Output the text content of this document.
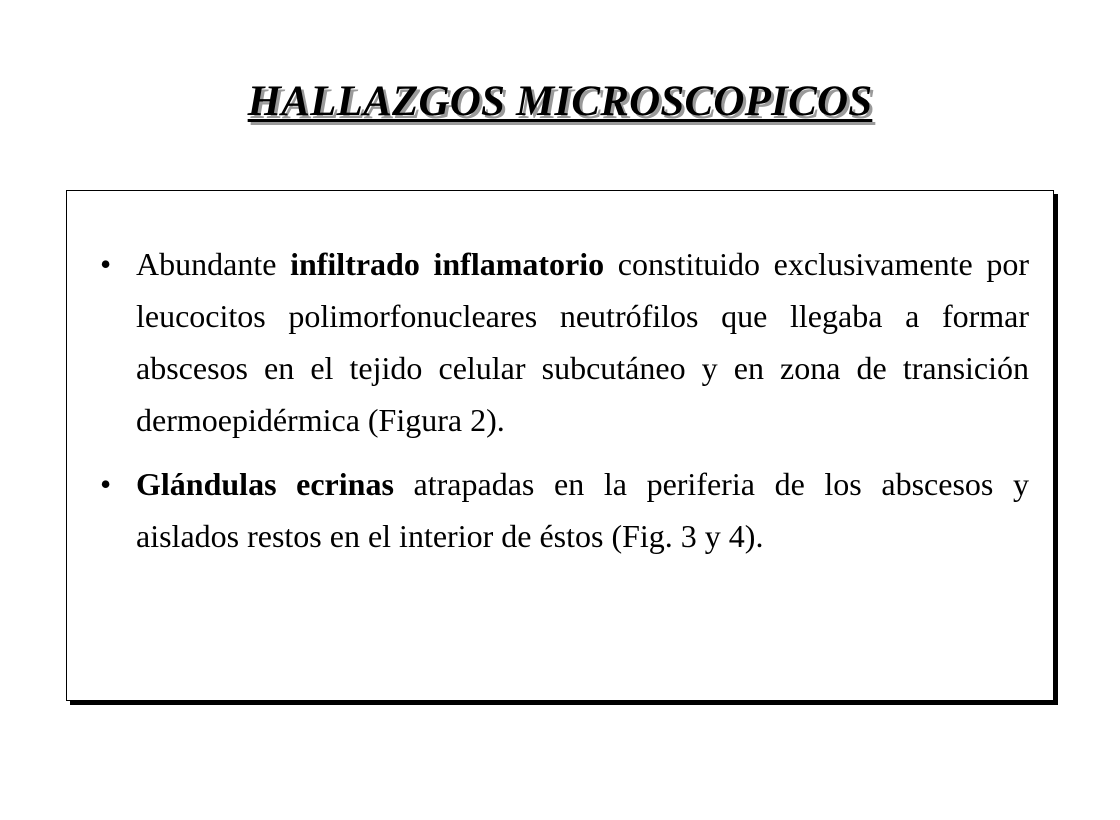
HALLAZGOS MICROSCOPICOS
• Abundante infiltrado inflamatorio constituido exclusivamente por leucocitos polimorfonucleares neutrófilos que llegaba a formar abscesos en el tejido celular subcutáneo y en zona de transición dermoepidérmica (Figura 2).
• Glándulas ecrinas atrapadas en la periferia de los abscesos y aislados restos en el interior de éstos (Fig. 3 y 4).
